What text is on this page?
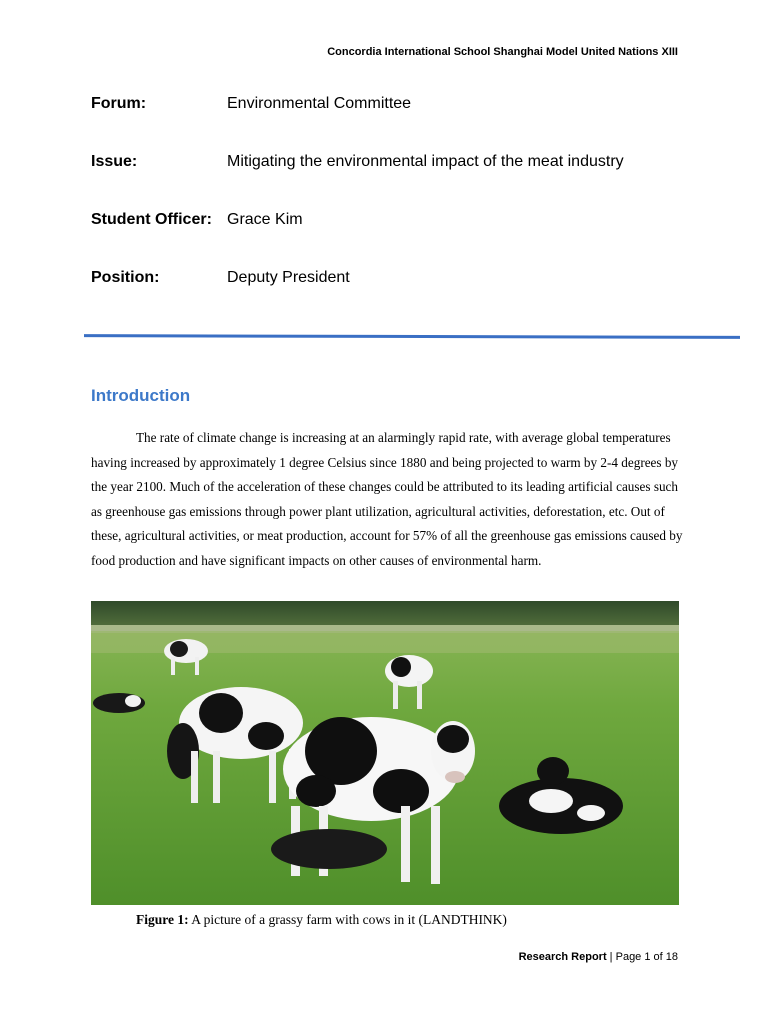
Concordia International School Shanghai Model United Nations XIII
Forum:	Environmental Committee
Issue:	Mitigating the environmental impact of the meat industry
Student Officer: Grace Kim
Position:	Deputy President
Introduction

The rate of climate change is increasing at an alarmingly rapid rate, with average global temperatures having increased by approximately 1 degree Celsius since 1880 and being projected to warm by 2-4 degrees by the year 2100. Much of the acceleration of these changes could be attributed to its leading artificial causes such as greenhouse gas emissions through power plant utilization, agricultural activities, deforestation, etc. Out of these, agricultural activities, or meat production, account for 57% of all the greenhouse gas emissions caused by food production and have significant impacts on other causes of environmental harm.

Figure 1: A picture of a grassy farm with cows in it (LANDTHINK)
Research Report | Page 1 of 18
